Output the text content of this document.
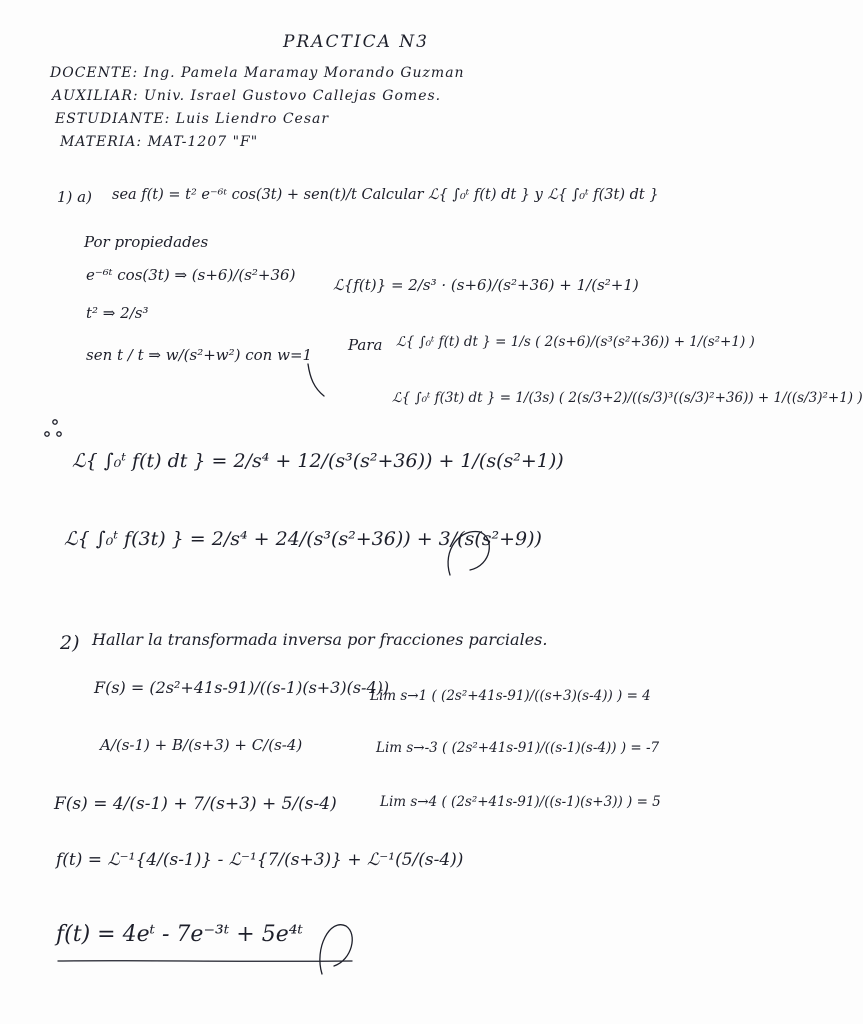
PRACTICA N3
DOCENTE: Ing. Pamela Maramay Morando Guzman
AUXILIAR: Univ. Israel Gustovo Callejas Gomes.
ESTUDIANTE: Luis Liendro Cesar
MATERIA: MAT-1207 "F"
1) a) sea f(t) = t² e⁻⁶ᵗ cos(3t) + sen(t)/t Calcular ℒ{ ∫₀ᵗ f(t) dt } y ℒ{ ∫₀ᵗ f(3t) dt }
Por propiedades
e⁻⁶ᵗ cos(3t) ⇒ (s+6)/(s²+36)
t² ⇒ 2/s³
sen t / t ⇒ w/(s²+w²) con w=1
ℒ{f(t)} = 2/s³ · (s+6)/(s²+36) + 1/(s²+1)
Para ℒ{ ∫₀ᵗ f(t) dt } = 1/s ( 2(s+6)/(s³(s²+36)) + 1/(s²+1) )
ℒ{ ∫₀ᵗ f(3t) dt } = 1/(3s) ( 2(s/3+2)/((s/3)³((s/3)²+36)) + 1/((s/3)²+1) )
ℒ{ ∫₀ᵗ f(t) dt } = 2/s⁴ + 12/(s³(s²+36)) + 1/(s(s²+1))
ℒ{ ∫₀ᵗ f(3t) } = 2/s⁴ + 24/(s³(s²+36)) + 3/(s(s²+9))
2) Hallar la transformada inversa por fracciones parciales.
F(s) = (2s²+41s-91)/((s-1)(s+3)(s-4))
A/(s-1) + B/(s+3) + C/(s-4)
F(s) = 4/(s-1) + 7/(s+3) + 5/(s-4)
Lim s→1 ( (2s²+41s-91)/((s+3)(s-4)) ) = 4
Lim s→-3 ( (2s²+41s-91)/((s-1)(s-4)) ) = -7
Lim s→4 ( (2s²+41s-91)/((s-1)(s+3)) ) = 5
f(t) = ℒ⁻¹{4/(s-1)} - ℒ⁻¹{7/(s+3)} + ℒ⁻¹(5/(s-4))
f(t) = 4eᵗ - 7e⁻³ᵗ + 5e⁴ᵗ
